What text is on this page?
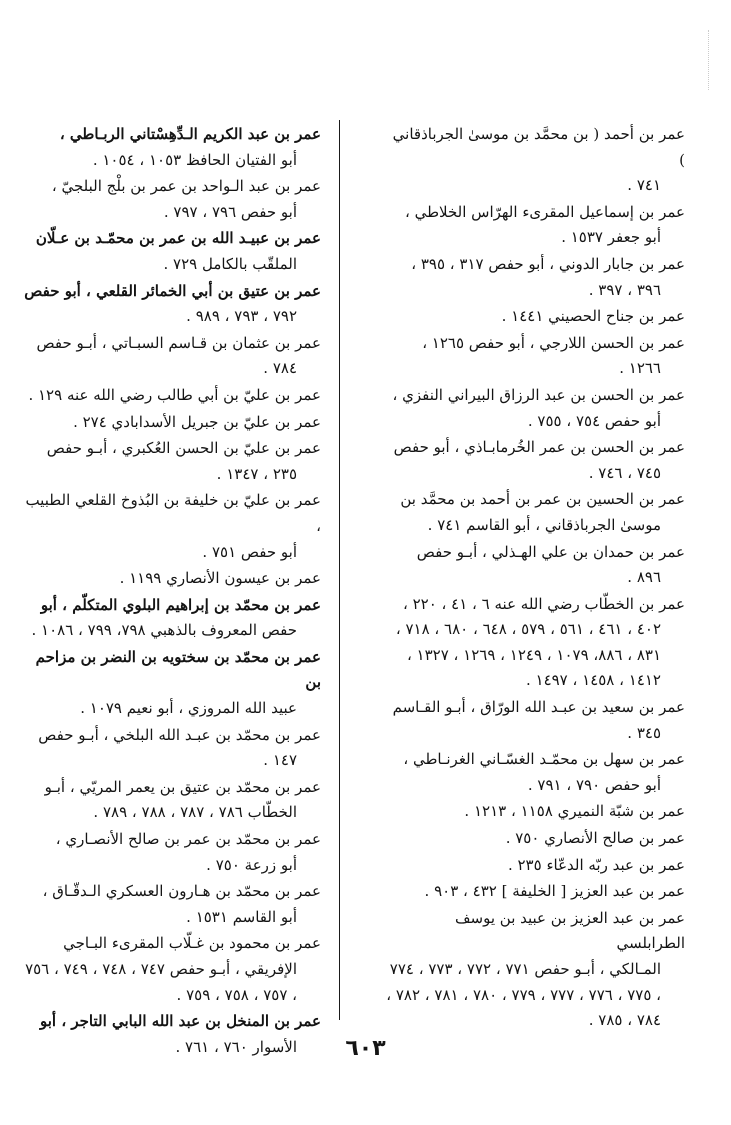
عمر بن أحمد ( بن محمَّد بن موسىٰ الجرباذقاني )
٧٤١ .
عمر بن إسماعيل المقرىء الهرّاس الخلاطي ،
أبو جعفر ١٥٣٧ .
عمر بن جابار الدوني ، أبو حفص ٣١٧ ، ٣٩٥ ،
٣٩٦ ، ٣٩٧ .
عمر بن جناح الحصيني ١٤٤١ .
عمر بن الحسن اللارجي ، أبو حفص ١٢٦٥ ،
١٢٦٦ .
عمر بن الحسن بن عبد الرزاق البيراني النفزي ،
أبو حفص ٧٥٤ ، ٧٥٥ .
عمر بن الحسن بن عمر الخُرمابـاذي ، أبو حفص
٧٤٥ ، ٧٤٦ .
عمر بن الحسين بن عمر بن أحمد بن محمَّد بن
موسىٰ الجرباذقاني ، أبو القاسم ٧٤١ .
عمر بن حمدان بن علي الهـذلي ، أبـو حفص
٨٩٦ .
عمر بن الخطّاب رضي الله عنه ٦ ، ٤١ ، ٢٢٠ ،
٤٠٢ ، ٤٦١ ، ٥٦١ ، ٥٧٩ ، ٦٤٨ ، ٦٨٠ ، ٧١٨ ، ٨٣١ ، ٨٨٦، ١٠٧٩ ، ١٢٤٩ ، ١٢٦٩ ، ١٣٢٧ ، ١٤١٢ ، ١٤٥٨ ، ١٤٩٧ .
عمر بن سعيد بن عبـد الله الورّاق ، أبـو القـاسم
٣٤٥ .
عمر بن سهل بن محمّـد الغسّـاني الغرنـاطي ،
أبو حفص ٧٩٠ ، ٧٩١ .
عمر بن شبّة النميري ١١٥٨ ، ١٢١٣ .
عمر بن صالح الأنصاري ٧٥٠ .
عمر بن عبد ربّه الدعّاء ٢٣٥ .
عمر بن عبد العزيز [ الخليفة ] ٤٣٢ ، ٩٠٣ .
عمر بن عبد العزيز بن عبيد بن يوسف الطرابلسي
المـالكي ، أبـو حفص ٧٧١ ، ٧٧٢ ، ٧٧٣ ، ٧٧٤ ، ٧٧٥ ، ٧٧٦ ، ٧٧٧ ، ٧٧٩ ، ٧٨٠ ، ٧٨١ ، ٧٨٢ ، ٧٨٤ ، ٧٨٥ .
عمر بن عبد الكريم الـدِّهِسْتاني الربـاطي ،
أبو الفتيان الحافظ ١٠٥٣ ، ١٠٥٤ .
عمر بن عبد الـواحد بن عمر بن بلْج البلجيّ ،
أبو حفص ٧٩٦ ، ٧٩٧ .
عمر بن عبيـد الله بن عمر بن محمّـد بن عـلّان
الملقّب بالكامل ٧٢٩ .
عمر بن عتيق بن أبي الخمائر القلعي ، أبو حفص
٧٩٢ ، ٧٩٣ ، ٩٨٩ .
عمر بن عثمان بن قـاسم السبـاتي ، أبـو حفص
٧٨٤ .
عمر بن عليّ بن أبي طالب رضي الله عنه ١٢٩ .
عمر بن عليّ بن جبريل الأسدابادي ٢٧٤ .
عمر بن عليّ بن الحسن العُكبري ، أبـو حفص
٢٣٥ ، ١٣٤٧ .
عمر بن عليّ بن خليفة بن البُذوخ القلعي الطبيب ،
أبو حفص ٧٥١ .
عمر بن عيسون الأنصاري ١١٩٩ .
عمر بن محمّد بن إبراهيم البلوي المتكلّم ، أبو
حفص المعروف بالذهبي ٧٩٨، ٧٩٩ ، ١٠٨٦ .
عمر بن محمّد بن سختويه بن النضر بن مزاحم بن
عبيد الله المروزي ، أبو نعيم ١٠٧٩ .
عمر بن محمّد بن عبـد الله البلخي ، أبـو حفص
١٤٧ .
عمر بن محمّد بن عتيق بن يعمر المريّي ، أبـو
الخطّاب ٧٨٦ ، ٧٨٧ ، ٧٨٨ ، ٧٨٩ .
عمر بن محمّد بن عمر بن صالح الأنصـاري ،
أبو زرعة ٧٥٠ .
عمر بن محمّد بن هـارون العسكري الـدقّـاق ،
أبو القاسم ١٥٣١ .
عمر بن محمود بن غـلّاب المقرىء البـاجي
الإفريقي ، أبـو حفص ٧٤٧ ، ٧٤٨ ، ٧٤٩ ، ٧٥٦ ، ٧٥٧ ، ٧٥٨ ، ٧٥٩ .
عمر بن المنخل بن عبد الله البابي التاجر ، أبو
الأسوار ٧٦٠ ، ٧٦١ .	٦٠٣
